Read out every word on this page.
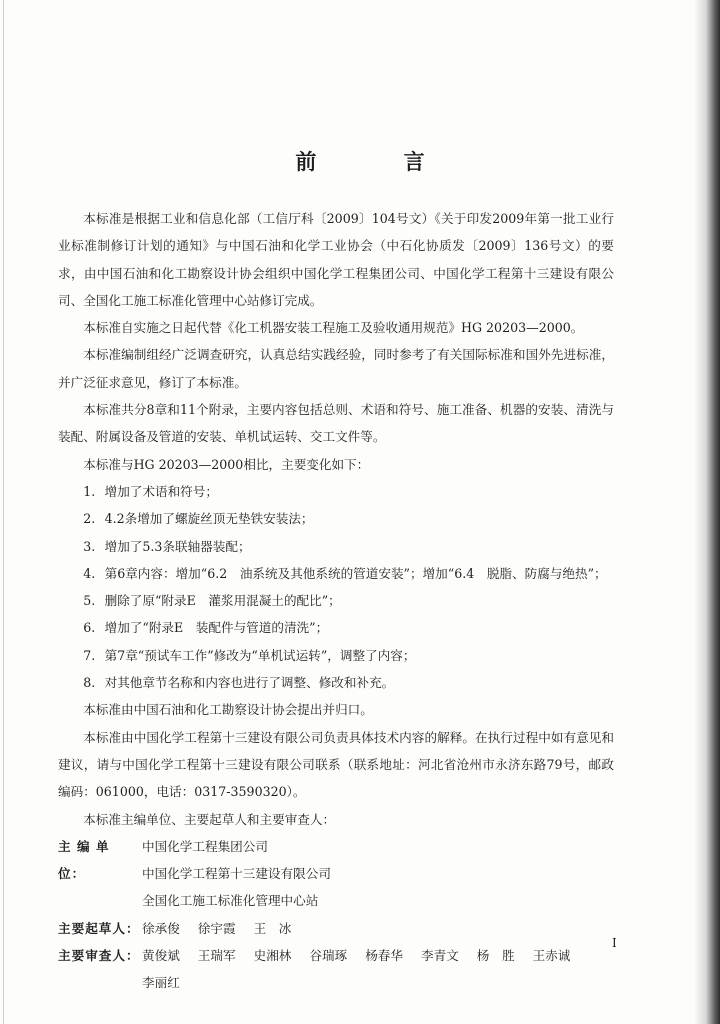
前 言

本标准是根据工业和信息化部（工信厅科〔2009〕104号文）《关于印发2009年第一批工业行业标准制修订计划的通知》与中国石油和化学工业协会（中石化协质发〔2009〕136号文）的要求，由中国石油和化工勘察设计协会组织中国化学工程集团公司、中国化学工程第十三建设有限公司、全国化工施工标准化管理中心站修订完成。

本标准自实施之日起代替《化工机器安装工程施工及验收通用规范》HG 20203—2000。

本标准编制组经广泛调查研究，认真总结实践经验，同时参考了有关国际标准和国外先进标准，并广泛征求意见，修订了本标准。

本标准共分8章和11个附录，主要内容包括总则、术语和符号、施工准备、机器的安装、清洗与装配、附属设备及管道的安装、单机试运转、交工文件等。

本标准与HG 20203—2000相比，主要变化如下：

1. 增加了术语和符号；

2. 4.2条增加了螺旋丝顶无垫铁安装法；

3. 增加了5.3条联轴器装配；

4. 第6章内容：增加“6.2　油系统及其他系统的管道安装”；增加“6.4　脱脂、防腐与绝热”；

5. 删除了原“附录E　灌浆用混凝土的配比”；

6. 增加了“附录E　装配件与管道的清洗”；

7. 第7章“预试车工作”修改为“单机试运转”，调整了内容；

8. 对其他章节名称和内容也进行了调整、修改和补充。

本标准由中国石油和化工勘察设计协会提出并归口。

本标准由中国化学工程第十三建设有限公司负责具体技术内容的解释。在执行过程中如有意见和建议，请与中国化学工程第十三建设有限公司联系（联系地址：河北省沧州市永济东路79号，邮政编码：061000，电话：0317-3590320）。

本标准主编单位、主要起草人和主要审查人：

主 编 单 位：
中国化学工程集团公司
中国化学工程第十三建设有限公司
全国化工施工标准化管理中心站
主要起草人： 徐承俊 徐宇霞 王　冰
主要审查人： 黄俊斌 王瑞军 史湘林 谷瑞琢 杨春华 李青文 杨　胜 王赤诚
李丽红
I
